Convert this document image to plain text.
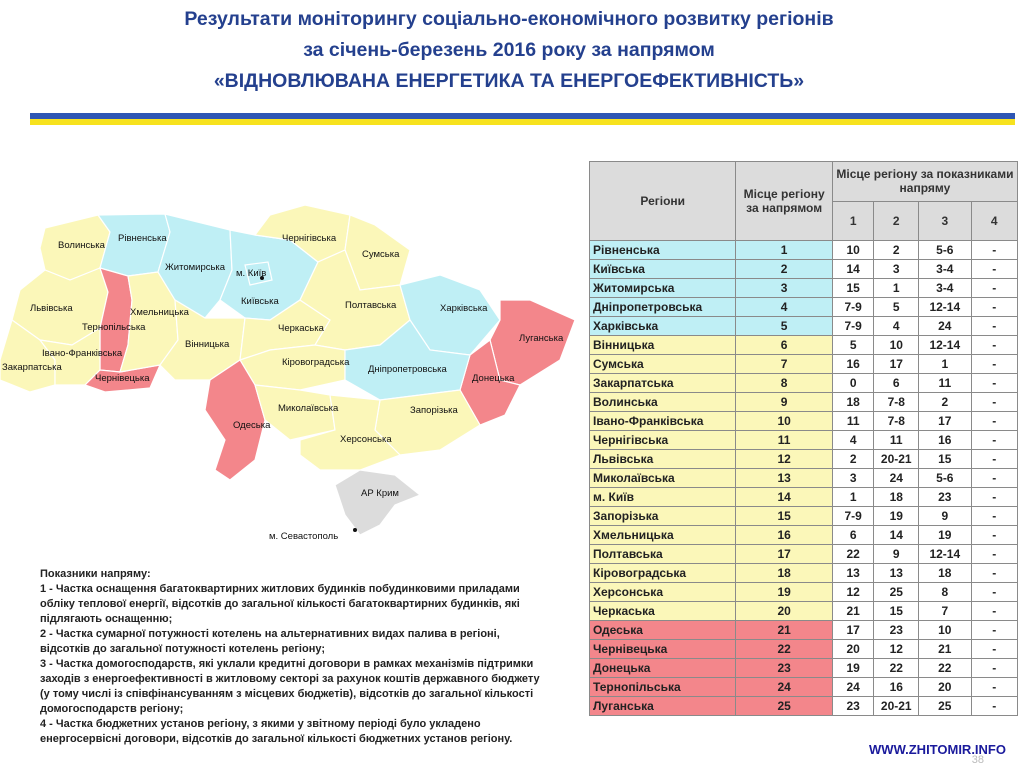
Результати моніторингу соціально-економічного розвитку регіонів
за січень-березень 2016 року за напрямом
«ВІДНОВЛЮВАНА ЕНЕРГЕТИКА ТА ЕНЕРГОЕФЕКТИВНІСТЬ»
Волинська
Рівненська
Житомирська
м. Київ
Київська
Чернігівська
Сумська
Львівська
Тернопільська
Хмельницька
Вінницька
Івано-Франківська
Закарпатська
Чернівецька
Черкаська
Полтавська	Харківська
Луганська
Донецька
Кіровоградська
Дніпропетровська
Миколаївська
Одеська
Запорізька
Херсонська
АР Крим
м. Севастополь
Показники напряму:
1 - Частка оснащення багатоквартирних житлових будинків побудинковими приладами обліку теплової енергії, відсотків до загальної кількості багатоквартирних будинків, які підлягають оснащенню;
2 - Частка сумарної потужності котелень на альтернативних видах палива в регіоні, відсотків до загальної потужності котелень регіону;
3 - Частка домогосподарств, які уклали кредитні договори в рамках механізмів підтримки заходів з енергоефективності в житловому секторі за рахунок коштів державного бюджету (у тому числі із співфінансуванням з місцевих бюджетів), відсотків до загальної кількості домогосподарств регіону;
4 - Частка бюджетних установ регіону, з якими у звітному періоді було укладено енергосервісні договори, відсотків до загальної кількості бюджетних установ регіону.
Регіони	Місце регіону за напрямом	Місце регіону за показниками напряму			
		1	2	3	4
Рівненська	1	10	2	5-6	-
Київська	2	14	3	3-4	-
Житомирська	3	15	1	3-4	-
Дніпропетровська	4	7-9	5	12-14	-
Харківська	5	7-9	4	24	-
Вінницька	6	5	10	12-14	-
Сумська	7	16	17	1	-
Закарпатська	8	0	6	11	-
Волинська	9	18	7-8	2	-
Івано-Франківська	10	11	7-8	17	-
Чернігівська	11	4	11	16	-
Львівська	12	2	20-21	15	-
Миколаївська	13	3	24	5-6	-
м. Київ	14	1	18	23	-
Запорізька	15	7-9	19	9	-
Хмельницька	16	6	14	19	-
Полтавська	17	22	9	12-14	-
Кіровоградська	18	13	13	18	-
Херсонська	19	12	25	8	-
Черкаська	20	21	15	7	-
Одеська	21	17	23	10	-
Чернівецька	22	20	12	21	-
Донецька	23	19	22	22	-
Тернопільська	24	24	16	20	-
Луганська	25	23	20-21	25	-
WWW.ZHITOMIR.INFO
38
